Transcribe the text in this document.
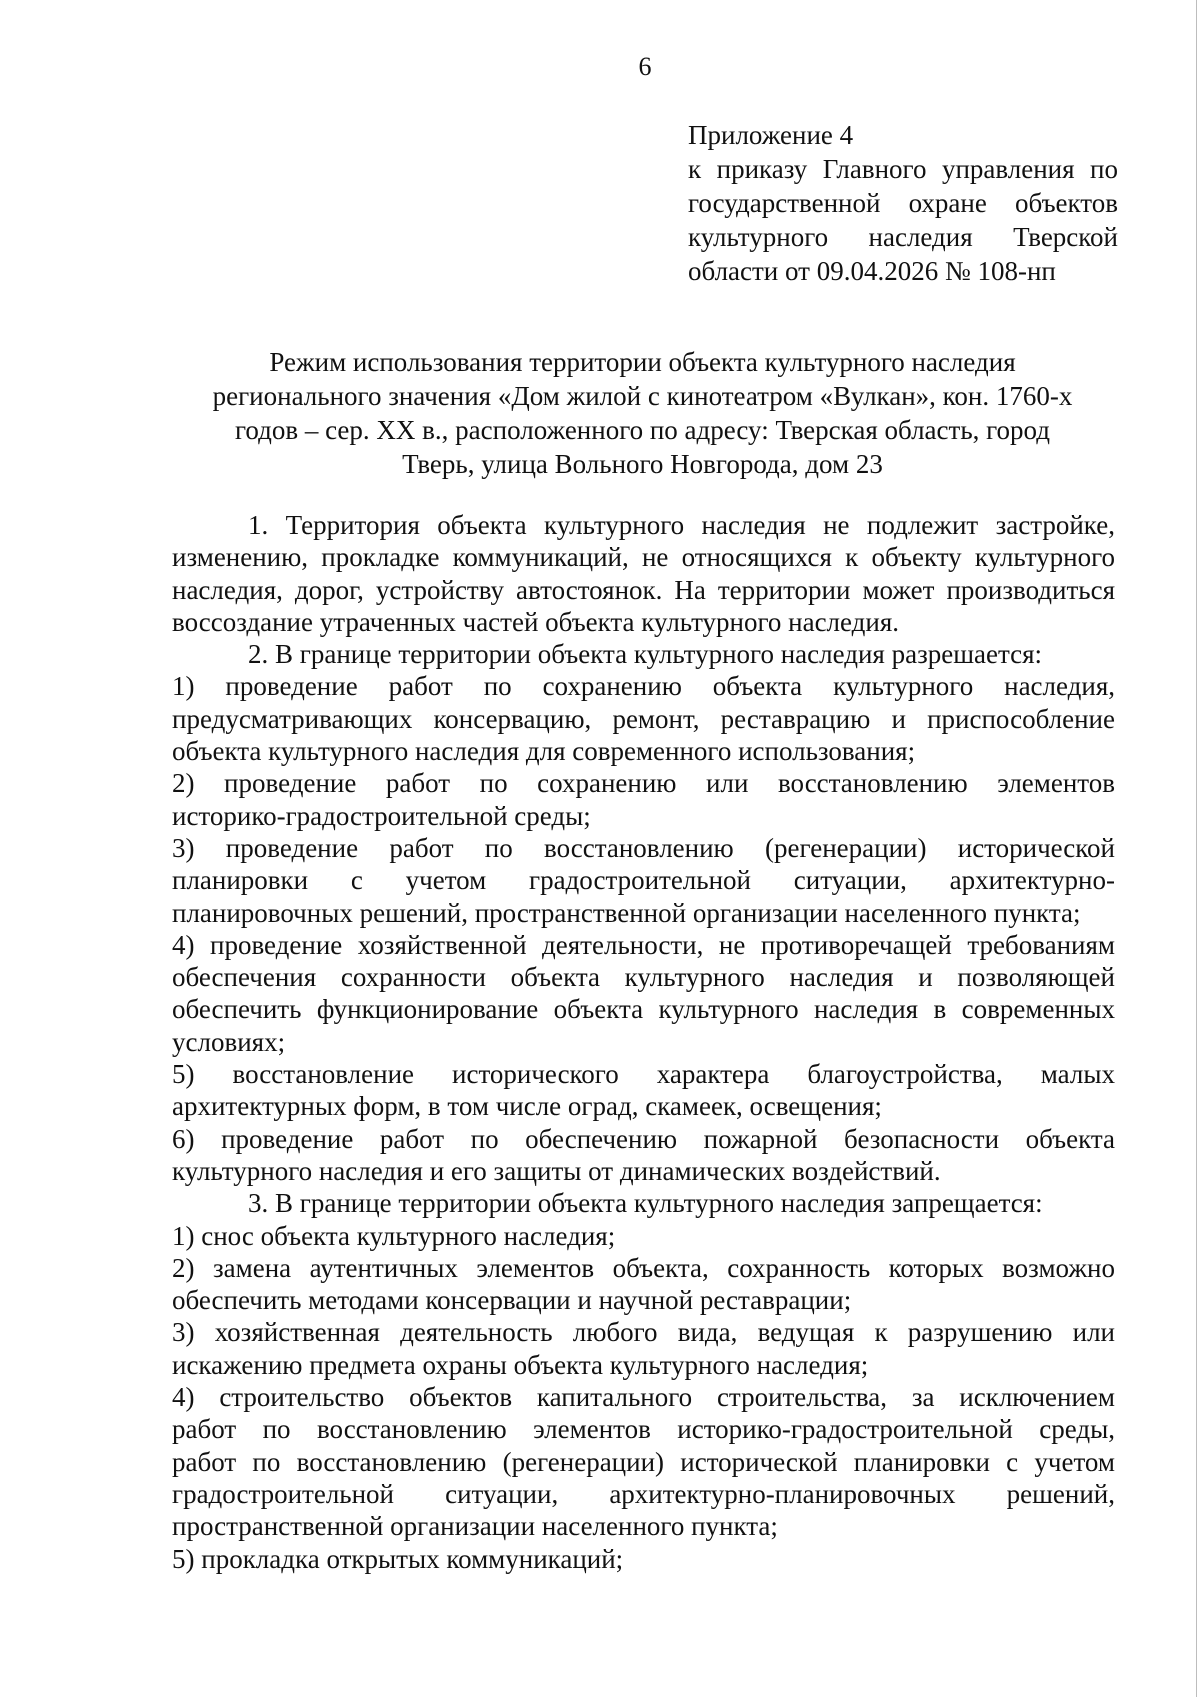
6
Приложение 4
к приказу Главного управления по
государственной охране объектов
культурного наследия Тверской
области от 09.04.2026 № 108-нп
Режим использования территории объекта культурного наследия
регионального значения «Дом жилой с кинотеатром «Вулкан», кон. 1760-х
годов – сер. XX в., расположенного по адресу: Тверская область, город
Тверь, улица Вольного Новгорода, дом 23
1. Территория объекта культурного наследия не подлежит застройке,
изменению, прокладке коммуникаций, не относящихся к объекту культурного
наследия, дорог, устройству автостоянок. На территории может производиться
воссоздание утраченных частей объекта культурного наследия.
2. В границе территории объекта культурного наследия разрешается:
1) проведение работ по сохранению объекта культурного наследия,
предусматривающих консервацию, ремонт, реставрацию и приспособление
объекта культурного наследия для современного использования;
2) проведение работ по сохранению или восстановлению элементов
историко-градостроительной среды;
3) проведение работ по восстановлению (регенерации) исторической
планировки с учетом градостроительной ситуации, архитектурно-
планировочных решений, пространственной организации населенного пункта;
4) проведение хозяйственной деятельности, не противоречащей требованиям
обеспечения сохранности объекта культурного наследия и позволяющей
обеспечить функционирование объекта культурного наследия в современных
условиях;
5) восстановление исторического характера благоустройства, малых
архитектурных форм, в том числе оград, скамеек, освещения;
6) проведение работ по обеспечению пожарной безопасности объекта
культурного наследия и его защиты от динамических воздействий.
3. В границе территории объекта культурного наследия запрещается:
1) снос объекта культурного наследия;
2) замена аутентичных элементов объекта, сохранность которых возможно
обеспечить методами консервации и научной реставрации;
3) хозяйственная деятельность любого вида, ведущая к разрушению или
искажению предмета охраны объекта культурного наследия;
4) строительство объектов капитального строительства, за исключением
работ по восстановлению элементов историко-градостроительной среды,
работ по восстановлению (регенерации) исторической планировки с учетом
градостроительной ситуации, архитектурно-планировочных решений,
пространственной организации населенного пункта;
5) прокладка открытых коммуникаций;
